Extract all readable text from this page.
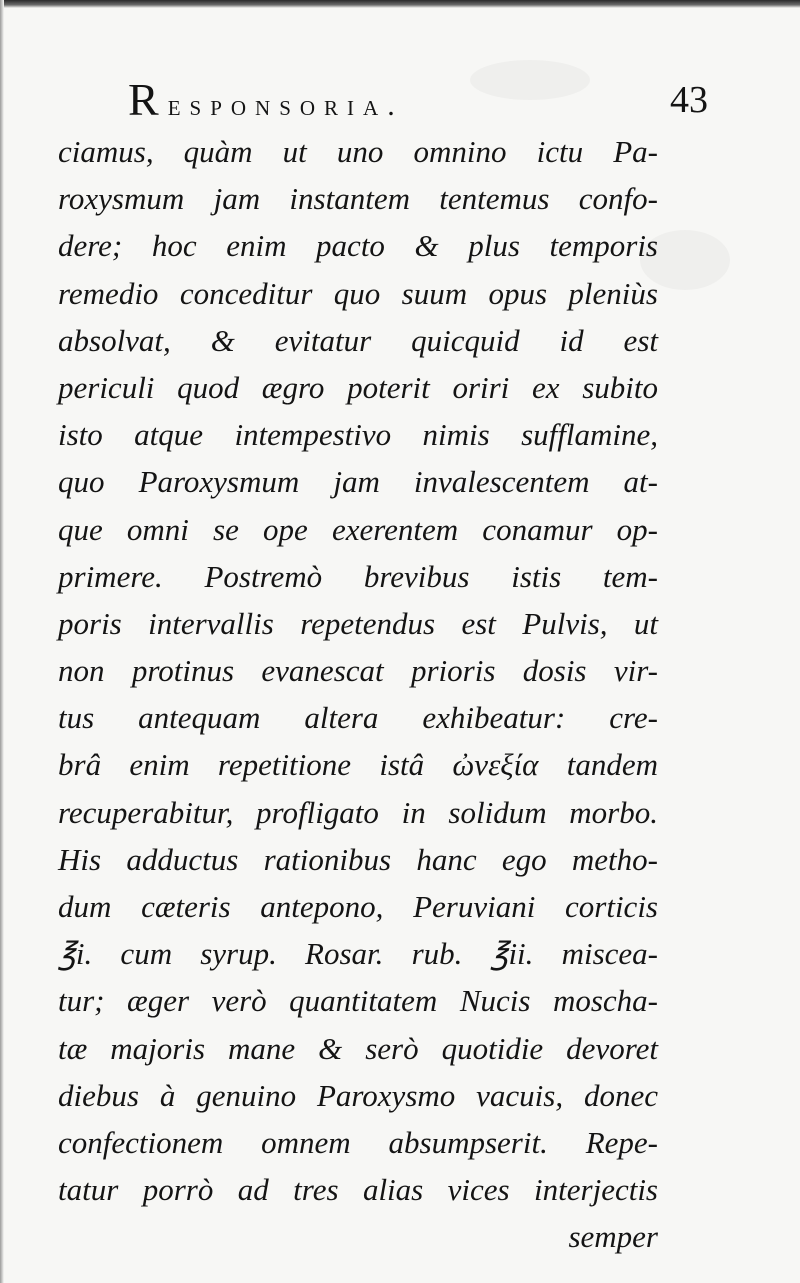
Responsoria.	43
ciamus, quàm ut uno omnino ictu Pa-
roxysmum jam instantem tentemus confo-
dere; hoc enim pacto & plus temporis
remedio conceditur quo suum opus pleniùs
absolvat, & evitatur quicquid id est
periculi quod ægro poterit oriri ex subito
isto atque intempestivo nimis sufflamine,
quo Paroxysmum jam invalescentem at-
que omni se ope exerentem conamur op-
primere. Postremò brevibus istis tem-
poris intervallis repetendus est Pulvis, ut
non protinus evanescat prioris dosis vir-
tus antequam altera exhibeatur: cre-
brâ enim repetitione istâ ὠνεξία tandem
recuperabitur, profligato in solidum morbo.
His adductus rationibus hanc ego metho-
dum cæteris antepono, Peruviani corticis
℥i. cum syrup. Rosar. rub. ℥ii. misceа-
tur; æger verò quantitatem Nucis moscha-
tæ majoris mane & serò quotidie devoret
diebus à genuino Paroxysmo vacuis, donec
confectionem omnem absumpserit. Repe-
tatur porrò ad tres alias vices interjectis
semper
